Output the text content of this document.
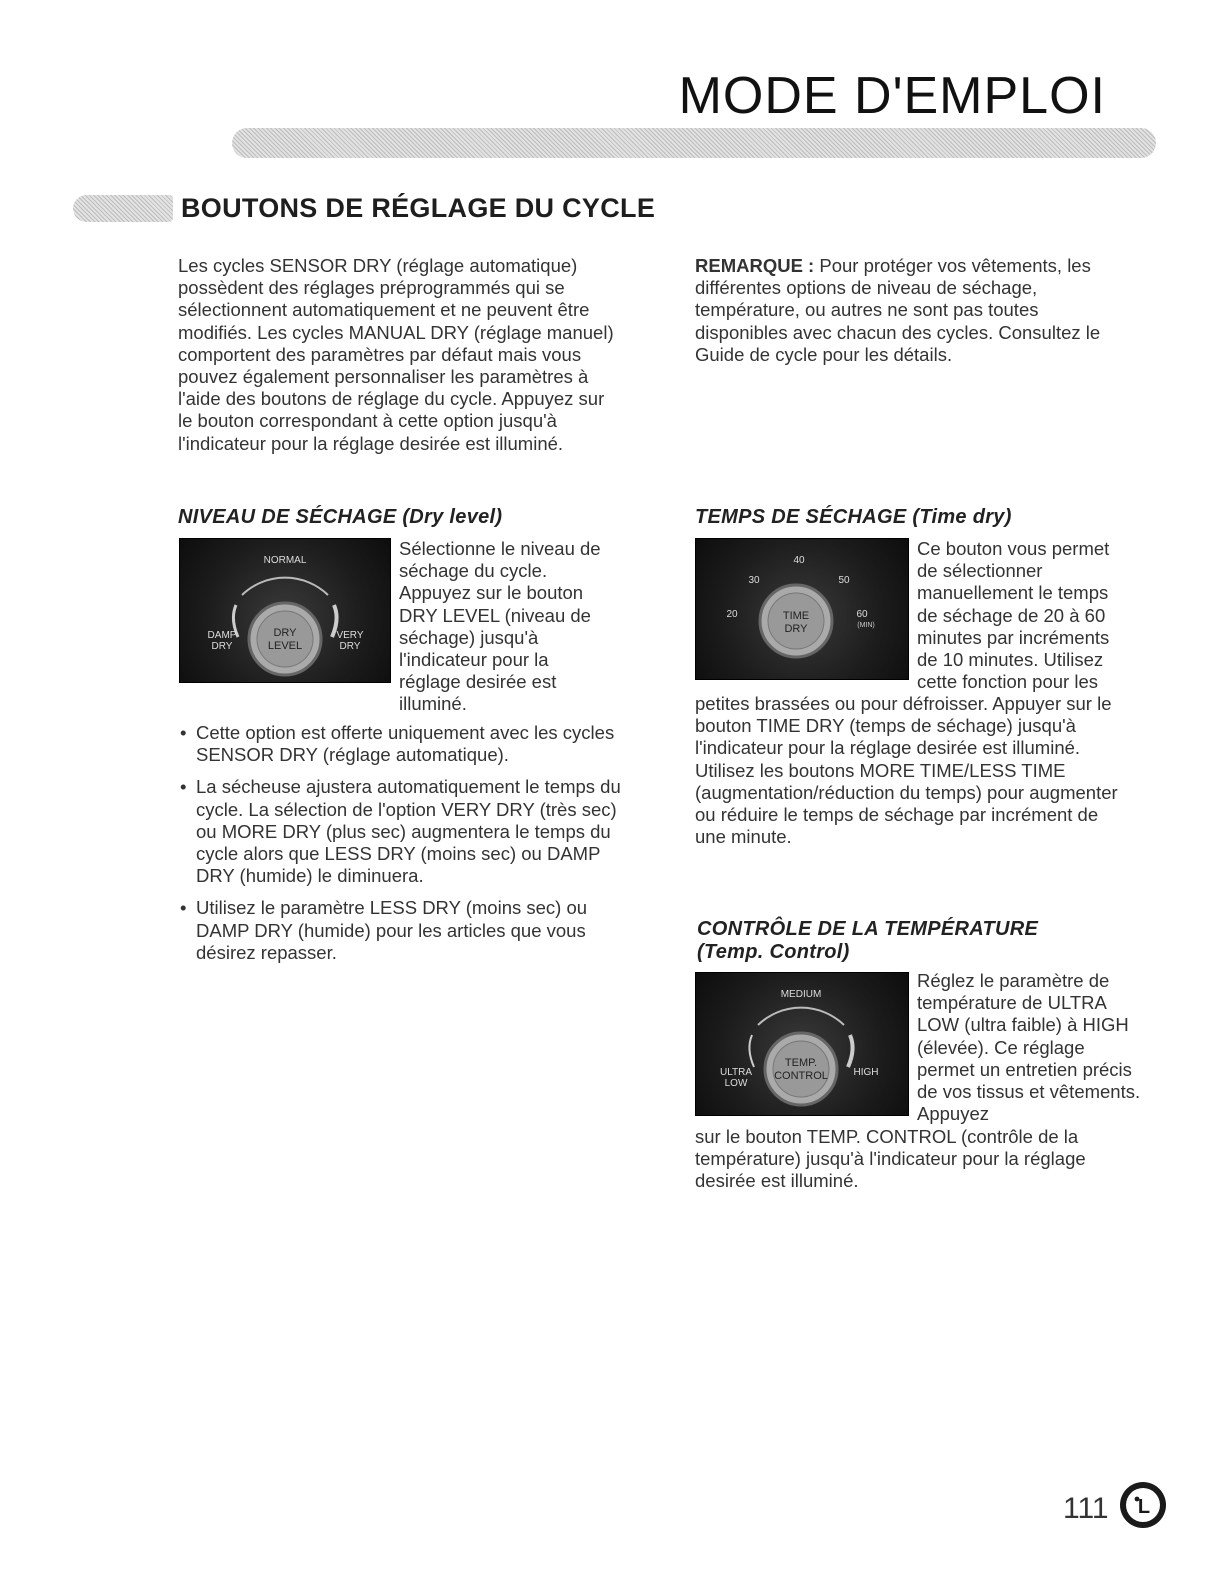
MODE D'EMPLOI
BOUTONS DE RÉGLAGE DU CYCLE

Les cycles SENSOR DRY (réglage automatique) possèdent des réglages préprogrammés qui se sélectionnent automatiquement et ne peuvent être modifiés. Les cycles MANUAL DRY (réglage manuel) comportent des paramètres par défaut mais vous pouvez également personnaliser les paramètres à l'aide des boutons de réglage du cycle. Appuyez sur le bouton correspondant à cette option jusqu'à l'indicateur pour la réglage desirée est illuminé.

REMARQUE : Pour protéger vos vêtements, les différentes options de niveau de séchage, température, ou autres ne sont pas toutes disponibles avec chacun des cycles. Consultez le Guide de cycle pour les détails.

NIVEAU DE SÉCHAGE (Dry level)
DRY
LEVEL
NORMAL
DAMP
DRY
VERY
DRY

Sélectionne le niveau de séchage du cycle. Appuyez sur le bouton DRY LEVEL (niveau de séchage) jusqu'à l'indicateur pour la réglage desirée est illuminé.

• Cette option est offerte uniquement avec les cycles SENSOR DRY (réglage automatique).
• La sécheuse ajustera automatiquement le temps du cycle. La sélection de l'option VERY DRY (très sec) ou MORE DRY (plus sec) augmentera le temps du cycle alors que LESS DRY (moins sec) ou DAMP DRY (humide) le diminuera.
• Utilisez le paramètre LESS DRY (moins sec) ou DAMP DRY (humide) pour les articles que vous désirez repasser.
TEMPS DE SÉCHAGE (Time dry)
TIME
DRY
20
30
40
50
60
(MIN)

Ce bouton vous permet de sélectionner manuellement le temps de séchage de 20 à 60 minutes par incréments de 10 minutes. Utilisez cette fonction pour les

petites brassées ou pour défroisser. Appuyer sur le bouton TIME DRY (temps de séchage) jusqu'à l'indicateur pour la réglage desirée est illuminé. Utilisez les boutons MORE TIME/LESS TIME (augmentation/réduction du temps) pour augmenter ou réduire le temps de séchage par incrément de une minute.

CONTRÔLE DE LA TEMPÉRATURE
(Temp. Control)
TEMP.
CONTROL
MEDIUM
ULTRA
LOW
HIGH

Réglez le paramètre de température de ULTRA LOW (ultra faible) à HIGH (élevée). Ce réglage permet un entretien précis de vos tissus et vêtements. Appuyez

sur le bouton TEMP. CONTROL (contrôle de la température) jusqu'à l'indicateur pour la réglage desirée est illuminé.

111 L
